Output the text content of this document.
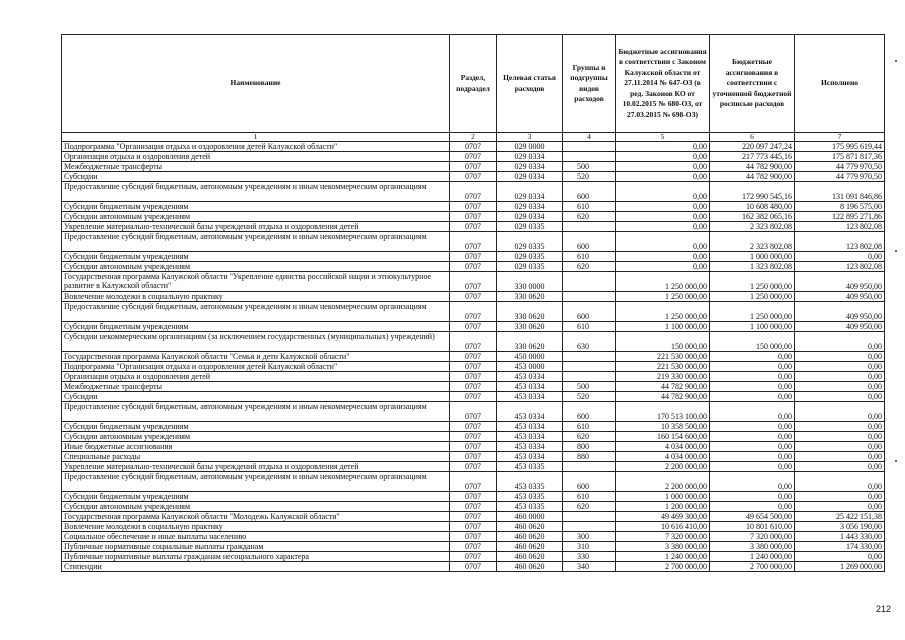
Наименование	Раздел, подраздел	Целевая статья расходов	Группы и подгруппы видов расходов	Бюджетные ассигнования в соответствии с Законом Калужской области от 27.11.2014 № 647-ОЗ (в ред. Законов КО от 10.02.2015 № 680-ОЗ, от 27.03.2015 № 698-ОЗ)	Бюджетные ассигнования в соответствии с уточненной бюджетной росписью расходов	Исполнено
1	2	3	4	5	6	7
Подпрограмма "Организация отдыха и оздоровления детей Калужской области"	0707	029 0000		0,00	220 097 247,24	175 995 619,44
Организация отдыха и оздоровления детей	0707	029 0334		0,00	217 773 445,16	175 871 817,36
Межбюджетные трансферты	0707	029 0334	500	0,00	44 782 900,00	44 779 970,50
Субсидии	0707	029 0334	520	0,00	44 782 900,00	44 779 970,50
Предоставление субсидий бюджетным, автономным учреждениям и иным некоммерческим организациям	0707	029 0334	600	0,00	172 990 545,16	131 091 846,86
Субсидии бюджетным учреждениям	0707	029 0334	610	0,00	10 608 480,00	8 196 575,00
Субсидии автономным учреждениям	0707	029 0334	620	0,00	162 382 065,16	122 895 271,86
Укрепление материально-технической базы учреждений отдыха и оздоровления детей	0707	029 0335		0,00	2 323 802,08	123 802,08
Предоставление субсидий бюджетным, автономным учреждениям и иным некоммерческим организациям	0707	029 0335	600	0,00	2 323 802,08	123 802,08
Субсидии бюджетным учреждениям	0707	029 0335	610	0,00	1 000 000,00	0,00
Субсидии автономным учреждениям	0707	029 0335	620	0,00	1 323 802,08	123 802,08
Государственная программа Калужской области "Укрепление единства российской нации и этнокультурное развитие в Калужской области"	0707	330 0000		1 250 000,00	1 250 000,00	409 950,00
Вовлечение молодежи в социальную практику	0707	330 0620		1 250 000,00	1 250 000,00	409 950,00
Предоставление субсидий бюджетным, автономным учреждениям и иным некоммерческим организациям	0707	330 0620	600	1 250 000,00	1 250 000,00	409 950,00
Субсидии бюджетным учреждениям	0707	330 0620	610	1 100 000,00	1 100 000,00	409 950,00
Субсидии некоммерческим организациям (за исключением государственных (муниципальных) учреждений)	0707	330 0620	630	150 000,00	150 000,00	0,00
Государственная программа Калужской области "Семья и дети Калужской области"	0707	450 0000		221 530 000,00	0,00	0,00
Подпрограмма "Организация отдыха и оздоровления детей Калужской области"	0707	453 0000		221 530 000,00	0,00	0,00
Организация отдыха и оздоровления детей	0707	453 0334		219 330 000,00	0,00	0,00
Межбюджетные трансферты	0707	453 0334	500	44 782 900,00	0,00	0,00
Субсидии	0707	453 0334	520	44 782 900,00	0,00	0,00
Предоставление субсидий бюджетным, автономным учреждениям и иным некоммерческим организациям	0707	453 0334	600	170 513 100,00	0,00	0,00
Субсидии бюджетным учреждениям	0707	453 0334	610	10 358 500,00	0,00	0,00
Субсидии автономным учреждениям	0707	453 0334	620	160 154 600,00	0,00	0,00
Иные бюджетные ассигнования	0707	453 0334	800	4 034 000,00	0,00	0,00
Специальные расходы	0707	453 0334	880	4 034 000,00	0,00	0,00
Укрепление материально-технической базы учреждений отдыха и оздоровления детей	0707	453 0335		2 200 000,00	0,00	0,00
Предоставление субсидий бюджетным, автономным учреждениям и иным некоммерческим организациям	0707	453 0335	600	2 200 000,00	0,00	0,00
Субсидии бюджетным учреждениям	0707	453 0335	610	1 000 000,00	0,00	0,00
Субсидии автономным учреждениям	0707	453 0335	620	1 200 000,00	0,00	0,00
Государственная программа Калужской области "Молодежь Калужской области"	0707	460 0000		49 469 300,00	49 654 500,00	25 422 151,38
Вовлечение молодежи в социальную практику	0707	460 0620		10 616 410,00	10 801 610,00	3 056 190,00
Социальное обеспечение и иные выплаты населению	0707	460 0620	300	7 320 000,00	7 320 000,00	1 443 330,00
Публичные нормативные социальные выплаты гражданам	0707	460 0620	310	3 380 000,00	3 380 000,00	174 330,00
Публичные нормативные выплаты гражданам несоциального характера	0707	460 0620	330	1 240 000,00	1 240 000,00	0,00
Стипендии	0707	460 0620	340	2 700 000,00	2 700 000,00	1 269 000,00
212
